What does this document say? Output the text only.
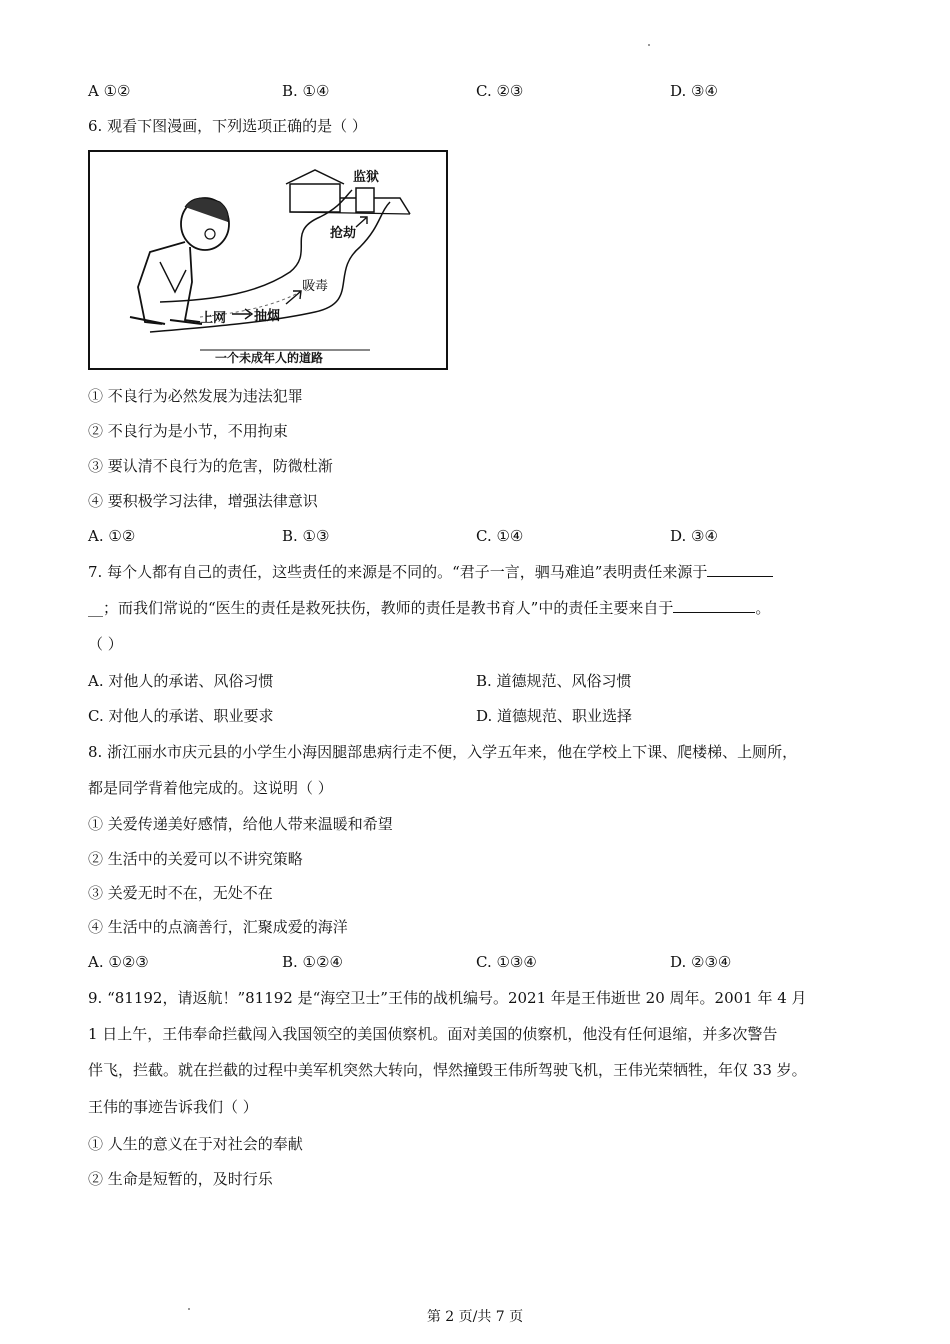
A ①②	B. ①④	C. ②③	D. ③④
6. 观看下图漫画，下列选项正确的是（ ）
监狱
上网 抽烟
吸毒
抢劫
一个未成年人的道路
① 不良行为必然发展为违法犯罪
② 不良行为是小节，不用拘束
③ 要认清不良行为的危害，防微杜渐
④ 要积极学习法律，增强法律意识
A. ①②	B. ①③	C. ①④	D. ③④
7. 每个人都有自己的责任，这些责任的来源是不同的。“君子一言，驷马难追”表明责任来源于
__；而我们常说的“医生的责任是救死扶伤，教师的责任是教书育人”中的责任主要来自于	。
（ ）
A. 对他人的承诺、风俗习惯	B. 道德规范、风俗习惯
C. 对他人的承诺、职业要求	D. 道德规范、职业选择
8. 浙江丽水市庆元县的小学生小海因腿部患病行走不便，入学五年来，他在学校上下课、爬楼梯、上厕所，
都是同学背着他完成的。这说明（ ）
① 关爱传递美好感情，给他人带来温暖和希望
② 生活中的关爱可以不讲究策略
③ 关爱无时不在，无处不在
④ 生活中的点滴善行，汇聚成爱的海洋
A. ①②③	B. ①②④	C. ①③④	D. ②③④
9. “81192，请返航！”81192 是“海空卫士”王伟的战机编号。2021 年是王伟逝世 20 周年。2001 年 4 月
1 日上午，王伟奉命拦截闯入我国领空的美国侦察机。面对美国的侦察机，他没有任何退缩，并多次警告
伴飞，拦截。就在拦截的过程中美军机突然大转向，悍然撞毁王伟所驾驶飞机，王伟光荣牺牲，年仅 33 岁。
王伟的事迹告诉我们（ ）
① 人生的意义在于对社会的奉献
② 生命是短暂的，及时行乐
第 2 页/共 7 页
